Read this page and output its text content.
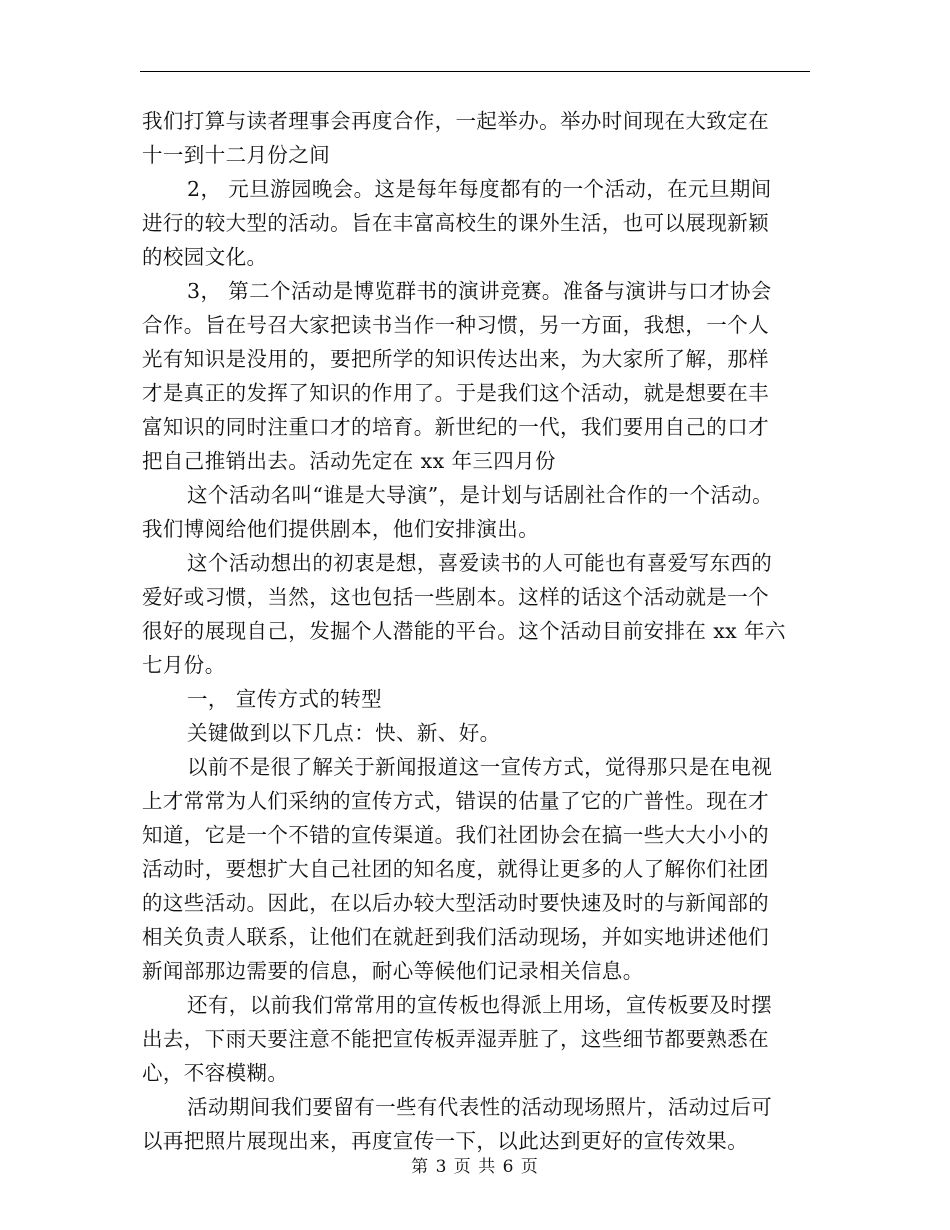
我们打算与读者理事会再度合作，一起举办。举办时间现在大致定在
十一到十二月份之间
2， 元旦游园晚会。这是每年每度都有的一个活动，在元旦期间
进行的较大型的活动。旨在丰富高校生的课外生活，也可以展现新颖
的校园文化。
3， 第二个活动是博览群书的演讲竞赛。准备与演讲与口才协会
合作。旨在号召大家把读书当作一种习惯，另一方面，我想，一个人
光有知识是没用的，要把所学的知识传达出来，为大家所了解，那样
才是真正的发挥了知识的作用了。于是我们这个活动，就是想要在丰
富知识的同时注重口才的培育。新世纪的一代，我们要用自己的口才
把自己推销出去。活动先定在 xx 年三四月份
这个活动名叫“谁是大导演”，是计划与话剧社合作的一个活动。
我们博阅给他们提供剧本，他们安排演出。
这个活动想出的初衷是想，喜爱读书的人可能也有喜爱写东西的
爱好或习惯，当然，这也包括一些剧本。这样的话这个活动就是一个
很好的展现自己，发掘个人潜能的平台。这个活动目前安排在 xx 年六
七月份。
一， 宣传方式的转型
关键做到以下几点：快、新、好。
以前不是很了解关于新闻报道这一宣传方式，觉得那只是在电视
上才常常为人们采纳的宣传方式，错误的估量了它的广普性。现在才
知道，它是一个不错的宣传渠道。我们社团协会在搞一些大大小小的
活动时，要想扩大自己社团的知名度，就得让更多的人了解你们社团
的这些活动。因此，在以后办较大型活动时要快速及时的与新闻部的
相关负责人联系，让他们在就赶到我们活动现场，并如实地讲述他们
新闻部那边需要的信息，耐心等候他们记录相关信息。
还有，以前我们常常用的宣传板也得派上用场，宣传板要及时摆
出去，下雨天要注意不能把宣传板弄湿弄脏了，这些细节都要熟悉在
心，不容模糊。
活动期间我们要留有一些有代表性的活动现场照片，活动过后可
以再把照片展现出来，再度宣传一下，以此达到更好的宣传效果。
第 3 页 共 6 页
